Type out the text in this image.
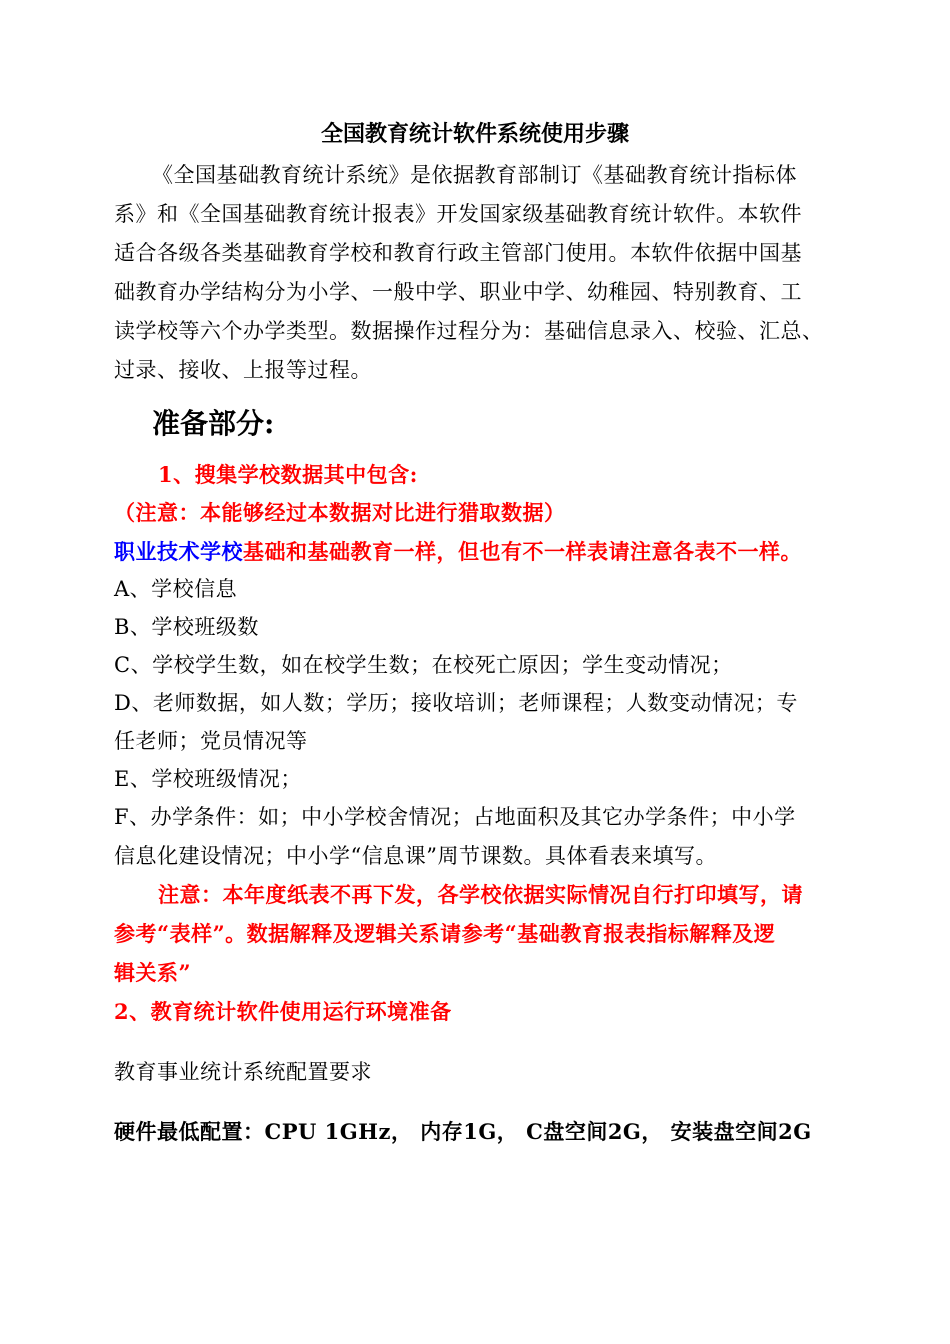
全国教育统计软件系统使用步骤
《全国基础教育统计系统》是依据教育部制订《基础教育统计指标体
系》和《全国基础教育统计报表》开发国家级基础教育统计软件。本软件
适合各级各类基础教育学校和教育行政主管部门使用。本软件依据中国基
础教育办学结构分为小学、一般中学、职业中学、幼稚园、特别教育、工
读学校等六个办学类型。数据操作过程分为：基础信息录入、校验、汇总、
过录、接收、上报等过程。
准备部分:
1、搜集学校数据其中包含:
（注意：本能够经过本数据对比进行猎取数据）
职业技术学校基础和基础教育一样，但也有不一样表请注意各表不一样。
A、学校信息
B、学校班级数
C、学校学生数，如在校学生数；在校死亡原因；学生变动情况；
D、老师数据，如人数；学历；接收培训；老师课程；人数变动情况；专
任老师；党员情况等
E、学校班级情况；
F、办学条件：如；中小学校舍情况；占地面积及其它办学条件；中小学
信息化建设情况；中小学“信息课”周节课数。具体看表来填写。
注意：本年度纸表不再下发，各学校依据实际情况自行打印填写，请
参考“表样”。数据解释及逻辑关系请参考“基础教育报表指标解释及逻
辑关系”
2、教育统计软件使用运行环境准备
教育事业统计系统配置要求
硬件最低配置：CPU 1GHz， 内存1G， C盘空间2G， 安装盘空间2G
